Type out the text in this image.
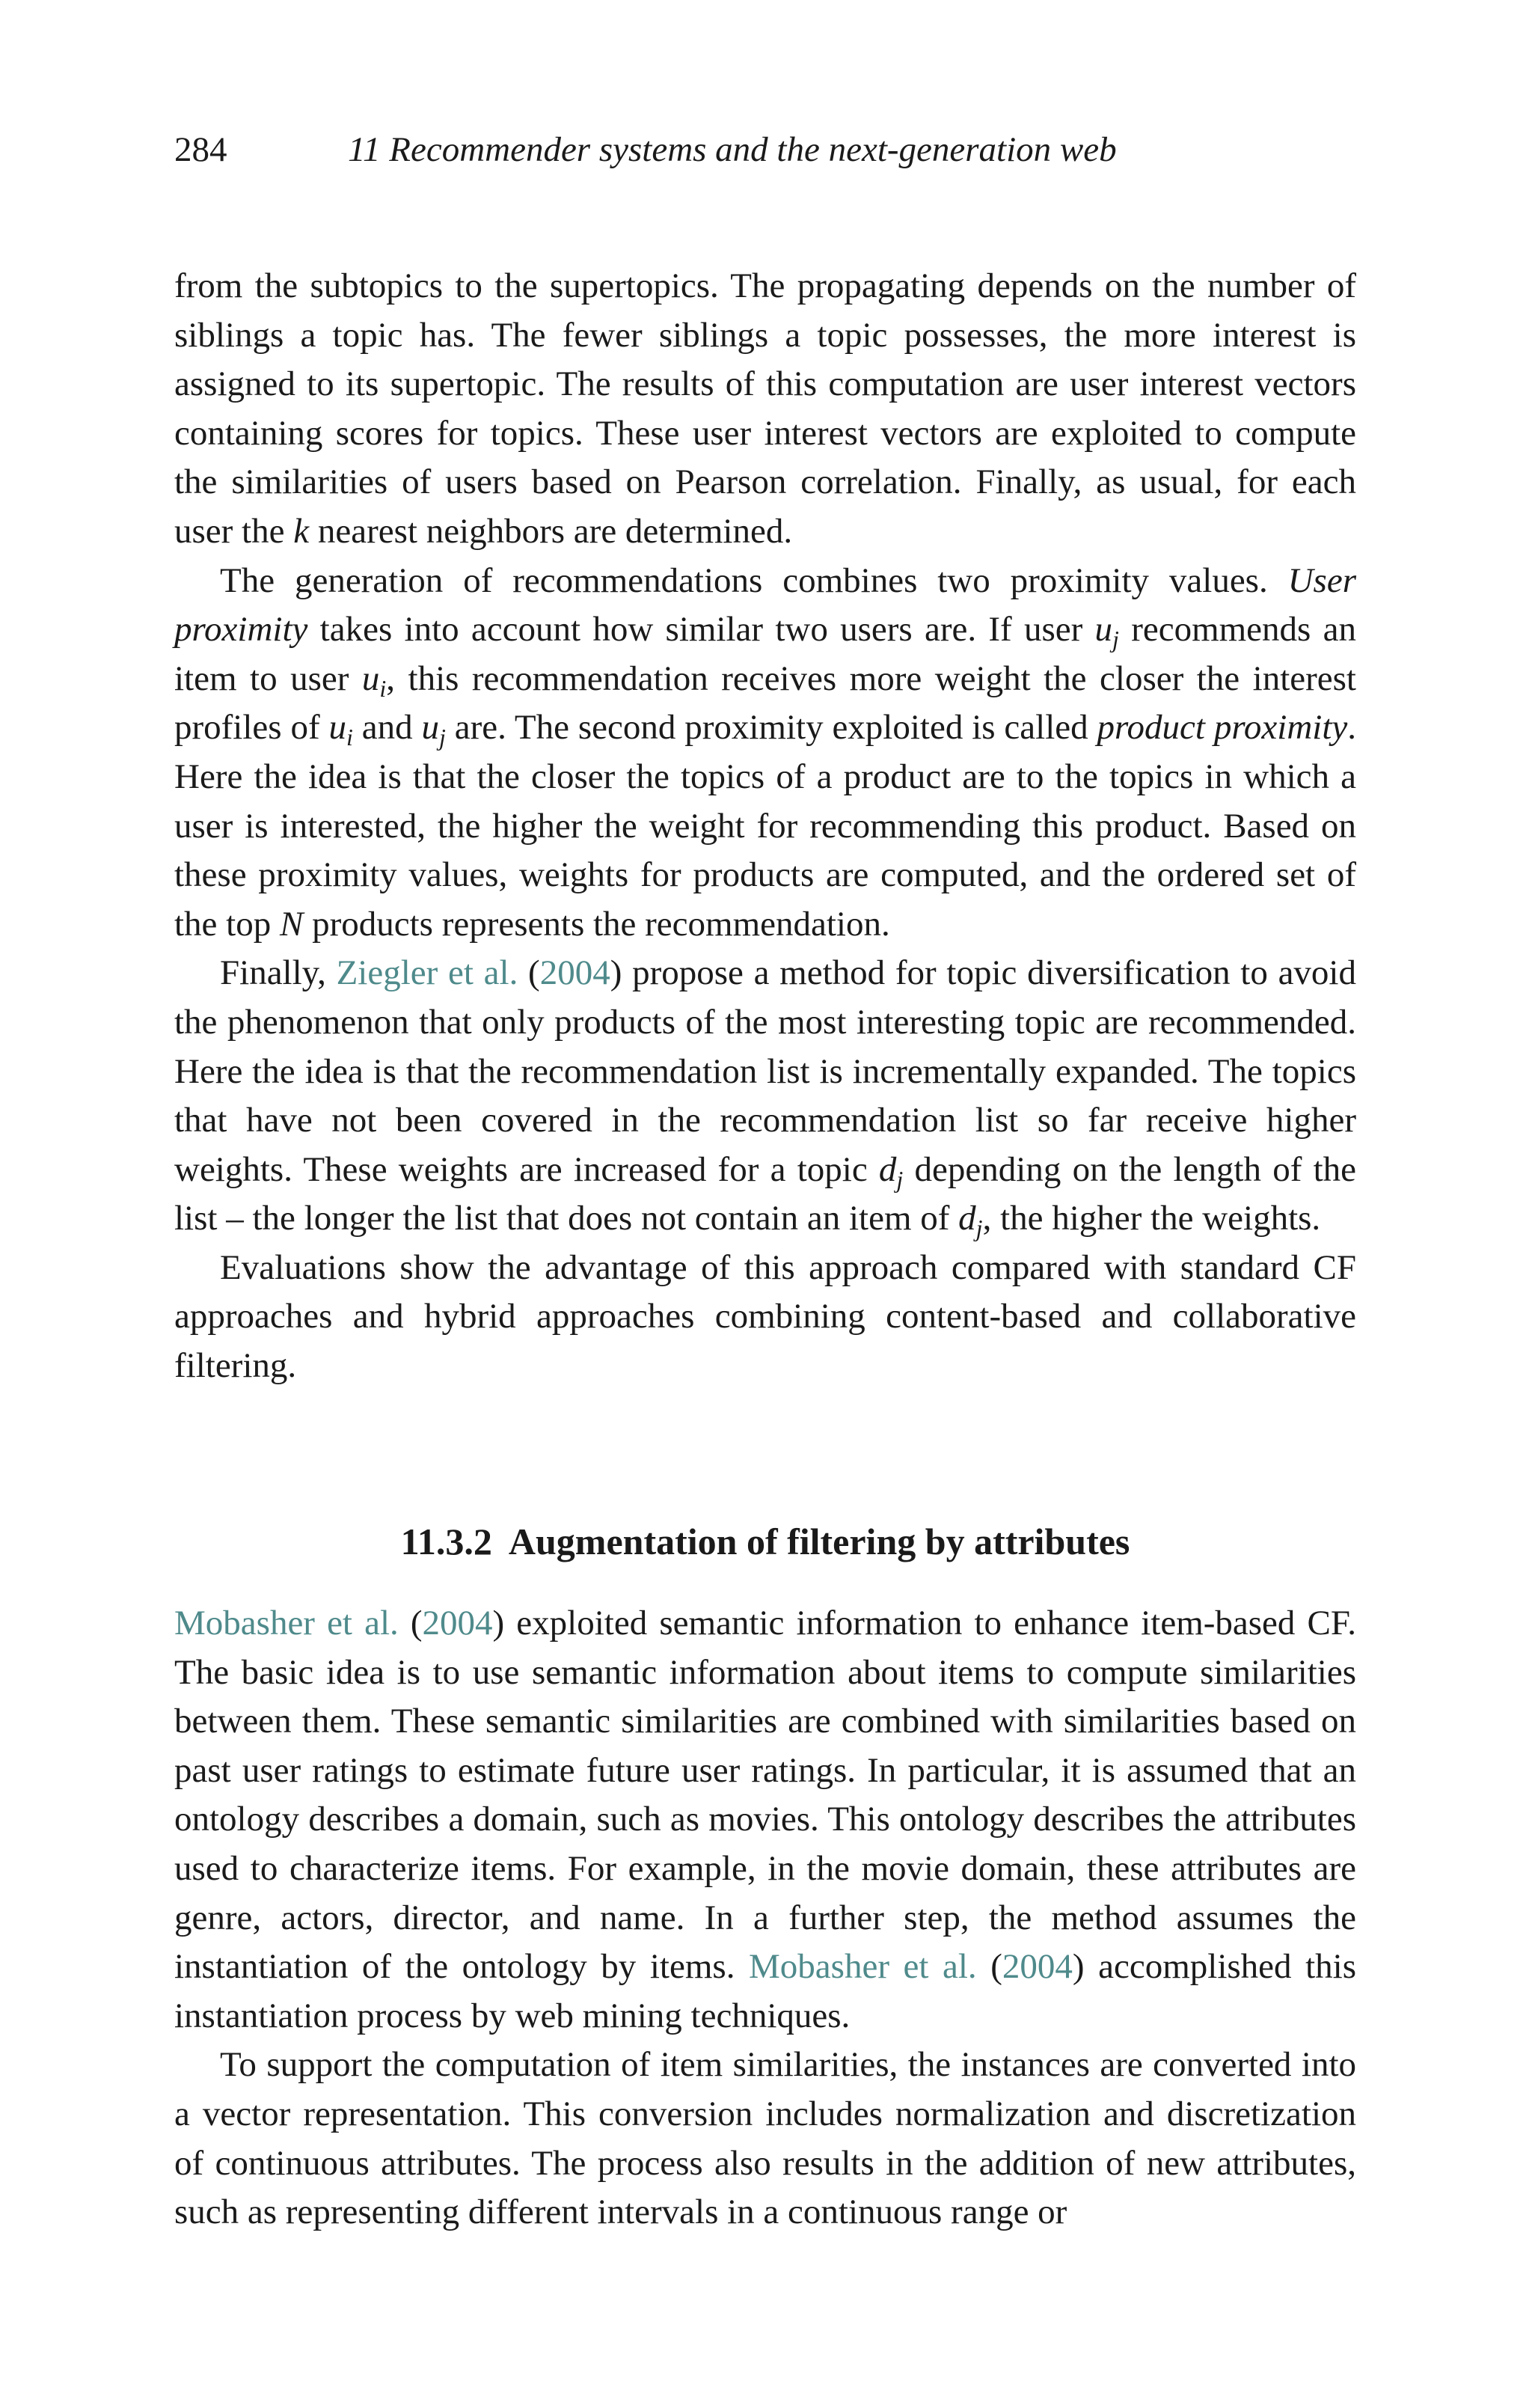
284	11 Recommender systems and the next-generation web

from the subtopics to the supertopics. The propagating depends on the number of siblings a topic has. The fewer siblings a topic possesses, the more interest is assigned to its supertopic. The results of this computation are user interest vectors containing scores for topics. These user interest vectors are exploited to compute the similarities of users based on Pearson correlation. Finally, as usual, for each user the k nearest neighbors are determined.

The generation of recommendations combines two proximity values. User proximity takes into account how similar two users are. If user $u_j$ recommends an item to user $u_i$, this recommendation receives more weight the closer the interest profiles of $u_i$ and $u_j$ are. The second proximity exploited is called product proximity. Here the idea is that the closer the topics of a product are to the topics in which a user is interested, the higher the weight for recommending this product. Based on these proximity values, weights for products are computed, and the ordered set of the top N products represents the recommendation.

Finally, Ziegler et al. (2004) propose a method for topic diversification to avoid the phenomenon that only products of the most interesting topic are recommended. Here the idea is that the recommendation list is incrementally expanded. The topics that have not been covered in the recommendation list so far receive higher weights. These weights are increased for a topic $d_j$ depending on the length of the list – the longer the list that does not contain an item of $d_j$, the higher the weights.

Evaluations show the advantage of this approach compared with standard CF approaches and hybrid approaches combining content-based and collaborative filtering.

11.3.2 Augmentation of filtering by attributes

Mobasher et al. (2004) exploited semantic information to enhance item-based CF. The basic idea is to use semantic information about items to compute similarities between them. These semantic similarities are combined with similarities based on past user ratings to estimate future user ratings. In particular, it is assumed that an ontology describes a domain, such as movies. This ontology describes the attributes used to characterize items. For example, in the movie domain, these attributes are genre, actors, director, and name. In a further step, the method assumes the instantiation of the ontology by items. Mobasher et al. (2004) accomplished this instantiation process by web mining techniques.

To support the computation of item similarities, the instances are converted into a vector representation. This conversion includes normalization and discretization of continuous attributes. The process also results in the addition of new attributes, such as representing different intervals in a continuous range or
